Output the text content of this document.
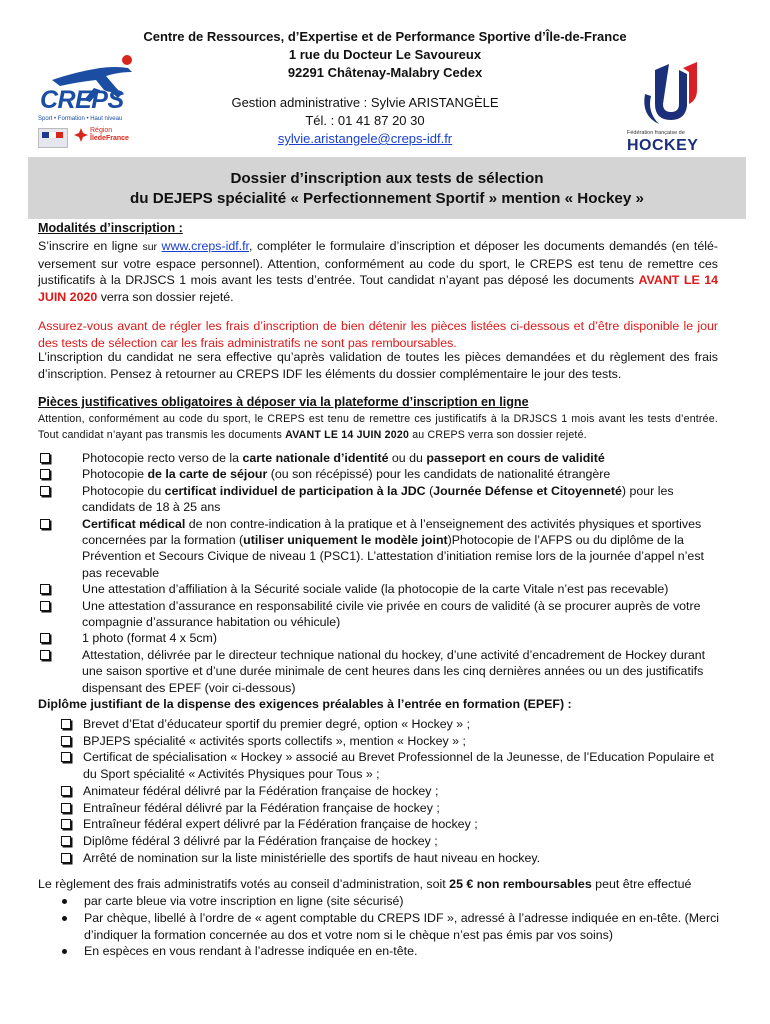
Centre de Ressources, d’Expertise et de Performance Sportive d’Île-de-France
1 rue du Docteur Le Savoureux
92291 Châtenay-Malabry Cedex
Gestion administrative : Sylvie ARISTANGÈLE
Tél. : 01 41 87 20 30
sylvie.aristangele@creps-idf.fr
CREPS
Sport • Formation • Haut niveau
Région
ÎledeFrance
Fédération française de
HOCKEY
Dossier d’inscription aux tests de sélection
du DEJEPS spécialité « Perfectionnement Sportif » mention « Hockey »
Modalités d’inscription :
S’inscrire en ligne sur www.creps-idf.fr, compléter le formulaire d’inscription et déposer les documents demandés (en télé-versement sur votre espace personnel). Attention, conformément au code du sport, le CREPS est tenu de remettre ces justificatifs à la DRJSCS 1 mois avant les tests d’entrée. Tout candidat n’ayant pas déposé les documents AVANT LE 14 JUIN 2020 verra son dossier rejeté.
Assurez-vous avant de régler les frais d’inscription de bien détenir les pièces listées ci-dessous et d’être disponible le jour des tests de sélection car les frais administratifs ne sont pas remboursables.
L’inscription du candidat ne sera effective qu’après validation de toutes les pièces demandées et du règlement des frais d’inscription. Pensez à retourner au CREPS IDF les éléments du dossier complémentaire le jour des tests.
Pièces justificatives obligatoires à déposer via la plateforme d’inscription en ligne
Attention, conformément au code du sport, le CREPS est tenu de remettre ces justificatifs à la DRJSCS 1 mois avant les tests d’entrée. Tout candidat n’ayant pas transmis les documents AVANT LE 14 JUIN 2020 au CREPS verra son dossier rejeté.
Photocopie recto verso de la carte nationale d’identité ou du passeport en cours de validité
Photocopie de la carte de séjour (ou son récépissé) pour les candidats de nationalité étrangère
Photocopie du certificat individuel de participation à la JDC (Journée Défense et Citoyenneté) pour les candidats de 18 à 25 ans
Certificat médical de non contre-indication à la pratique et à l’enseignement des activités physiques et sportives concernées par la formation (utiliser uniquement le modèle joint)Photocopie de l’AFPS ou du diplôme de la Prévention et Secours Civique de niveau 1 (PSC1). L’attestation d’initiation remise lors de la journée d’appel n’est pas recevable
Une attestation d’affiliation à la Sécurité sociale valide (la photocopie de la carte Vitale n’est pas recevable)
Une attestation d’assurance en responsabilité civile vie privée en cours de validité (à se procurer auprès de votre compagnie d’assurance habitation ou véhicule)
1 photo (format 4 x 5cm)
Attestation, délivrée par le directeur technique national du hockey, d’une activité d’encadrement de Hockey durant une saison sportive et d’une durée minimale de cent heures dans les cinq dernières années ou un des justificatifs dispensant des EPEF (voir ci-dessous)
Diplôme justifiant de la dispense des exigences préalables à l’entrée en formation (EPEF) :
Brevet d’Etat d’éducateur sportif du premier degré, option « Hockey » ;
BPJEPS spécialité « activités sports collectifs », mention « Hockey » ;
Certificat de spécialisation « Hockey » associé au Brevet Professionnel de la Jeunesse, de l’Education Populaire et du Sport spécialité « Activités Physiques pour Tous » ;
Animateur fédéral délivré par la Fédération française de hockey ;
Entraîneur fédéral délivré par la Fédération française de hockey ;
Entraîneur fédéral expert délivré par la Fédération française de hockey ;
Diplôme fédéral 3 délivré par la Fédération française de hockey ;
Arrêté de nomination sur la liste ministérielle des sportifs de haut niveau en hockey.
Le règlement des frais administratifs votés au conseil d’administration, soit 25 € non remboursables peut être effectué
par carte bleue via votre inscription en ligne (site sécurisé)
Par chèque, libellé à l’ordre de « agent comptable du CREPS IDF », adressé à l’adresse indiquée en en-tête. (Merci d’indiquer la formation concernée au dos et votre nom si le chèque n’est pas émis par vos soins)
En espèces en vous rendant à l’adresse indiquée en en-tête.
